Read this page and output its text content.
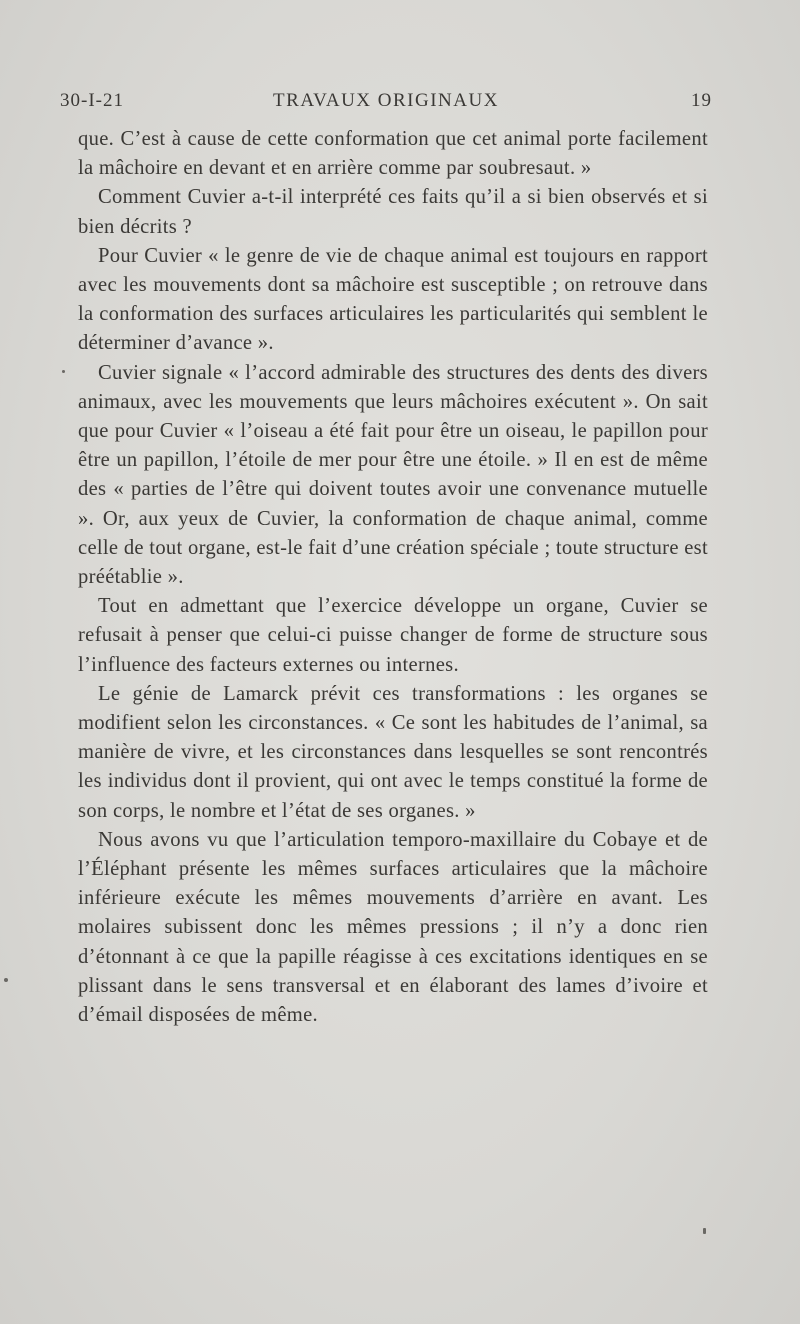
30-I-21	TRAVAUX ORIGINAUX	19

que. C’est à cause de cette conformation que cet animal porte facilement la mâchoire en devant et en arrière comme par soubresaut. »

Comment Cuvier a-t-il interprété ces faits qu’il a si bien observés et si bien décrits ?

Pour Cuvier « le genre de vie de chaque animal est toujours en rapport avec les mouvements dont sa mâchoire est susceptible ; on retrouve dans la conformation des surfaces articulaires les particularités qui semblent le déterminer d’avance ».

Cuvier signale « l’accord admirable des structures des dents des divers animaux, avec les mouvements que leurs mâchoires exécutent ». On sait que pour Cuvier « l’oiseau a été fait pour être un oiseau, le papillon pour être un papillon, l’étoile de mer pour être une étoile. » Il en est de même des « parties de l’être qui doivent toutes avoir une convenance mutuelle ». Or, aux yeux de Cuvier, la conformation de chaque animal, comme celle de tout organe, est-le fait d’une création spéciale ; toute structure est préétablie ».

Tout en admettant que l’exercice développe un organe, Cuvier se refusait à penser que celui-ci puisse changer de forme de structure sous l’influence des facteurs externes ou internes.

Le génie de Lamarck prévit ces transformations : les organes se modifient selon les circonstances. « Ce sont les habitudes de l’animal, sa manière de vivre, et les circonstances dans lesquelles se sont rencontrés les individus dont il provient, qui ont avec le temps constitué la forme de son corps, le nombre et l’état de ses organes. »

Nous avons vu que l’articulation temporo-maxillaire du Cobaye et de l’Éléphant présente les mêmes surfaces articulaires que la mâchoire inférieure exécute les mêmes mouvements d’arrière en avant. Les molaires subissent donc les mêmes pressions ; il n’y a donc rien d’étonnant à ce que la papille réagisse à ces excitations identiques en se plissant dans le sens transversal et en élaborant des lames d’ivoire et d’émail disposées de même.
